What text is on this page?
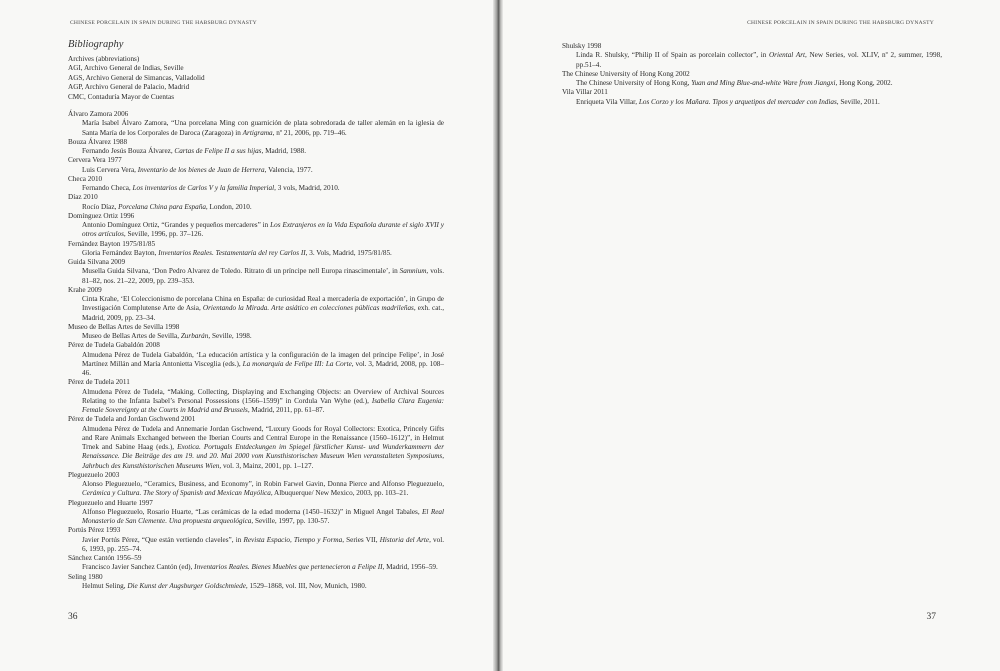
CHINESE PORCELAIN IN SPAIN DURING THE HABSBURG DYNASTY
Bibliography
Archives (abbreviations)
AGI, Archivo General de Indias, Seville
AGS, Archivo General de Simancas, Valladolid
AGP, Archivo General de Palacio, Madrid
CMC, Contaduría Mayor de Cuentas
Álvaro Zamora 2006
María Isabel Álvaro Zamora, “Una porcelana Ming con guarnición de plata sobredorada de taller alemán en la iglesia de Santa María de los Corporales de Daroca (Zaragoza) in Artigrama, nº 21, 2006, pp. 719–46.
Bouza Álvarez 1988
Fernando Jesús Bouza Álvarez, Cartas de Felipe II a sus hijas, Madrid, 1988.
Cervera Vera 1977
Luis Cervera Vera, Inventario de los bienes de Juan de Herrera, Valencia, 1977.
Checa 2010
Fernando Checa, Los inventarios de Carlos V y la familia Imperial, 3 vols, Madrid, 2010.
Díaz 2010
Rocío Díaz, Porcelana China para España, London, 2010.
Domínguez Ortiz 1996
Antonio Domínguez Ortiz, “Grandes y pequeños mercaderes” in Los Extranjeros en la Vida Española durante el siglo XVII y otros artículos, Seville, 1996, pp. 37–126.
Fernández Bayton 1975/81/85
Gloria Fernández Bayton, Inventarios Reales. Testamentaría del rey Carlos II, 3. Vols, Madrid, 1975/81/85.
Guida Silvana 2009
Musella Guida Silvana, ‘Don Pedro Alvarez de Toledo. Ritrato di un príncipe nell Europa rinascimentale’, in Samnium, vols. 81–82, nos. 21–22, 2009, pp. 239–353.
Krahe 2009
Cinta Krahe, ‘El Coleccionismo de porcelana China en España: de curiosidad Real a mercadería de exportación’, in Grupo de Investigación Complutense Arte de Asia, Orientando la Mirada. Arte asiático en colecciones públicas madrileñas, exh. cat., Madrid, 2009, pp. 23–34.
Museo de Bellas Artes de Sevilla 1998
Museo de Bellas Artes de Sevilla, Zurbarán, Seville, 1998.
Pérez de Tudela Gabaldón 2008
Almudena Pérez de Tudela Gabaldón, ‘La educación artística y la configuración de la imagen del príncipe Felipe’, in José Martínez Millán and María Antonietta Visceglia (eds.), La monarquía de Felipe III: La Corte, vol. 3, Madrid, 2008, pp. 108–46.
Pérez de Tudela 2011
Almudena Pérez de Tudela, “Making, Collecting, Displaying and Exchanging Objects: an Overview of Archival Sources Relating to the Infanta Isabel’s Personal Possessions (1566–1599)” in Cordula Van Wyhe (ed.), Isabella Clara Eugenia: Female Sovereignty at the Courts in Madrid and Brussels, Madrid, 2011, pp. 61–87.
Pérez de Tudela and Jordan Gschwend 2001
Almudena Pérez de Tudela and Annemarie Jordan Gschwend, “Luxury Goods for Royal Collectors: Exotica, Princely Gifts and Rare Animals Exchanged between the Iberian Courts and Central Europe in the Renaissance (1560–1612)”, in Helmut Trnek and Sabine Haag (eds.), Exotica. Portugals Entdeckungen im Spiegel fürstlicher Kunst- und Wunderkammern der Renaissance. Die Beiträge des am 19. und 20. Mai 2000 vom Kunsthistorischen Museum Wien veranstalteten Symposiums, Jahrbuch des Kunsthistorischen Museums Wien, vol. 3, Mainz, 2001, pp. 1–127.
Pleguezuelo 2003
Alonso Pleguezuelo, “Ceramics, Business, and Economy”, in Robin Farwel Gavin, Donna Pierce and Alfonso Pleguezuelo, Cerámica y Cultura. The Story of Spanish and Mexican Mayólica, Albuquerque/ New Mexico, 2003, pp. 103–21.
Pleguezuelo and Huarte 1997
Alfonso Pleguezuelo, Rosario Huarte, “Las cerámicas de la edad moderna (1450–1632)” in Miguel Angel Tabales, El Real Monasterio de San Clemente. Una propuesta arqueológica, Seville, 1997, pp. 130-57.
Portús Pérez 1993
Javier Portús Pérez, “Que están vertiendo claveles”, in Revista Espacio, Tiempo y Forma, Series VII, Historia del Arte, vol. 6, 1993, pp. 255–74.
Sánchez Cantón 1956–59
Francisco Javier Sanchez Cantón (ed), Inventarios Reales. Bienes Muebles que pertenecieron a Felipe II, Madrid, 1956–59.
Seling 1980
Helmut Seling, Die Kunst der Augsburger Goldschmiede, 1529–1868, vol. III, Nov, Munich, 1980.
36
CHINESE PORCELAIN IN SPAIN DURING THE HABSBURG DYNASTY
Shulsky 1998
Linda R. Shulsky, “Philip II of Spain as porcelain collector”, in Oriental Art, New Series, vol. XLIV, nº 2, summer, 1998, pp.51–4.
The Chinese University of Hong Kong 2002
The Chinese University of Hong Kong, Yuan and Ming Blue-and-white Ware from Jiangxi, Hong Kong, 2002.
Vila Villar 2011
Enriqueta Vila Villar, Los Corzo y los Mañara. Tipos y arquetipos del mercader con Indias, Seville, 2011.
37
